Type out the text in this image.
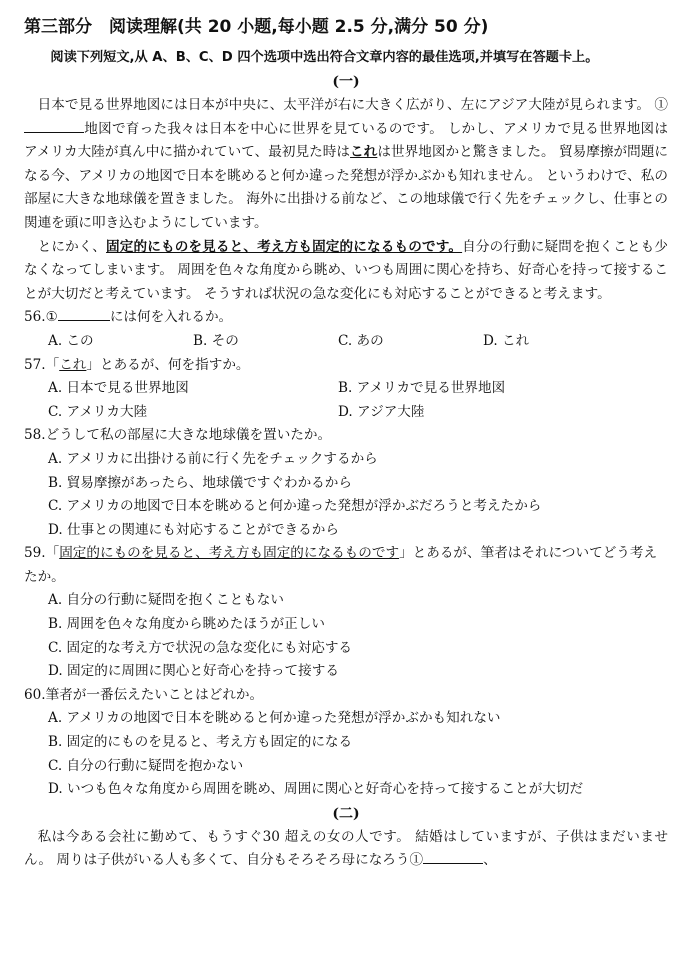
第三部分　阅读理解(共 20 小题,每小题 2.5 分,满分 50 分)

阅读下列短文,从 A、B、C、D 四个选项中选出符合文章内容的最佳选项,并填写在答题卡上。

(一)

日本で見る世界地図には日本が中央に、太平洋が右に大きく広がり、左にアジア大陸が見られます。 ①地図で育った我々は日本を中心に世界を見ているのです。 しかし、アメリカで見る世界地図はアメリカ大陸が真ん中に描かれていて、最初見た時はこれは世界地図かと驚きました。 貿易摩擦が問題になる今、アメリカの地図で日本を眺めると何か違った発想が浮かぶかも知れません。 というわけで、私の部屋に大きな地球儀を置きました。 海外に出掛ける前など、この地球儀で行く先をチェックし、仕事との関連を頭に叩き込むようにしています。

とにかく、固定的にものを見ると、考え方も固定的になるものです。自分の行動に疑問を抱くことも少なくなってしまいます。 周囲を色々な角度から眺め、いつも周囲に関心を持ち、好奇心を持って接することが大切だと考えています。 そうすれば状況の急な変化にも対応することができると考えます。

56.①	には何を入れるか。

A. この	B. その	C. あの	D. これ

57.「これ」とあるが、何を指すか。

A. 日本で見る世界地図	B. アメリカで見る世界地図
C. アメリカ大陸	D. アジア大陸

58.どうして私の部屋に大きな地球儀を置いたか。

A. アメリカに出掛ける前に行く先をチェックするから
B. 貿易摩擦があったら、地球儀ですぐわかるから
C. アメリカの地図で日本を眺めると何か違った発想が浮かぶだろうと考えたから
D. 仕事との関連にも対応することができるから

59.「固定的にものを見ると、考え方も固定的になるものです」とあるが、筆者はそれについてどう考えたか。

A. 自分の行動に疑問を抱くこともない
B. 周囲を色々な角度から眺めたほうが正しい
C. 固定的な考え方で状況の急な変化にも対応する
D. 固定的に周囲に関心と好奇心を持って接する

60.筆者が一番伝えたいことはどれか。

A. アメリカの地図で日本を眺めると何か違った発想が浮かぶかも知れない
B. 固定的にものを見ると、考え方も固定的になる
C. 自分の行動に疑問を抱かない
D. いつも色々な角度から周囲を眺め、周囲に関心と好奇心を持って接することが大切だ

(二)

私は今ある会社に勤めて、もうすぐ30 超えの女の人です。 結婚はしていますが、子供はまだいません。 周りは子供がいる人も多くて、自分もそろそろ母になろう①	、
